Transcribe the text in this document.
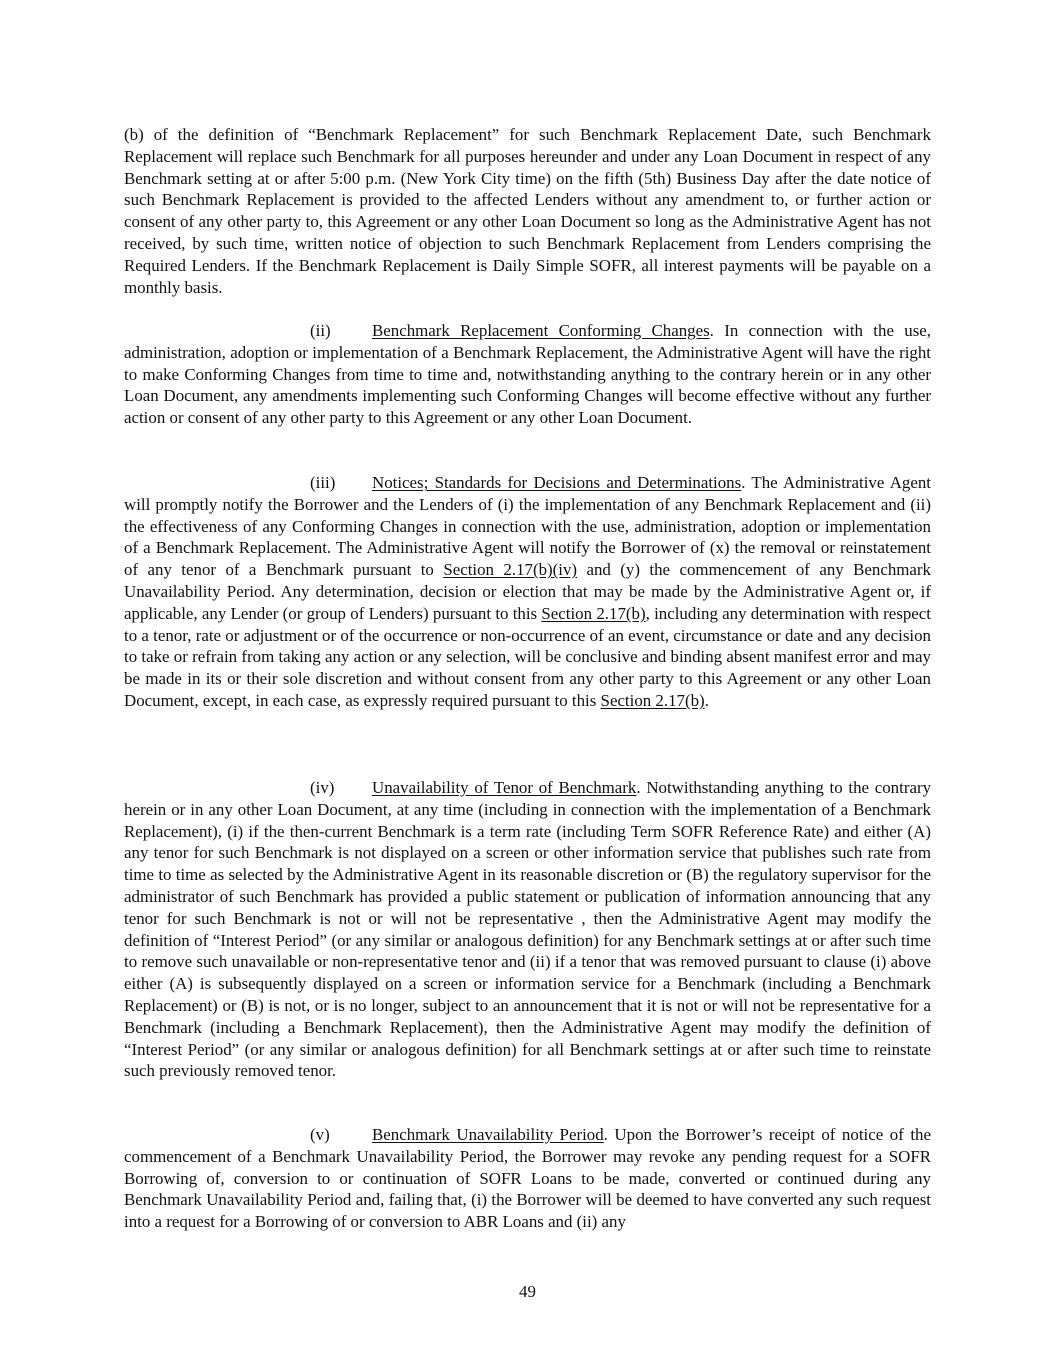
(b) of the definition of “Benchmark Replacement” for such Benchmark Replacement Date, such Benchmark Replacement will replace such Benchmark for all purposes hereunder and under any Loan Document in respect of any Benchmark setting at or after 5:00 p.m. (New York City time) on the fifth (5th) Business Day after the date notice of such Benchmark Replacement is provided to the affected Lenders without any amendment to, or further action or consent of any other party to, this Agreement or any other Loan Document so long as the Administrative Agent has not received, by such time, written notice of objection to such Benchmark Replacement from Lenders comprising the Required Lenders. If the Benchmark Replacement is Daily Simple SOFR, all interest payments will be payable on a monthly basis.

(ii) Benchmark Replacement Conforming Changes. In connection with the use, administration, adoption or implementation of a Benchmark Replacement, the Administrative Agent will have the right to make Conforming Changes from time to time and, notwithstanding anything to the contrary herein or in any other Loan Document, any amendments implementing such Conforming Changes will become effective without any further action or consent of any other party to this Agreement or any other Loan Document.

(iii) Notices; Standards for Decisions and Determinations. The Administrative Agent will promptly notify the Borrower and the Lenders of (i) the implementation of any Benchmark Replacement and (ii) the effectiveness of any Conforming Changes in connection with the use, administration, adoption or implementation of a Benchmark Replacement. The Administrative Agent will notify the Borrower of (x) the removal or reinstatement of any tenor of a Benchmark pursuant to Section 2.17(b)(iv) and (y) the commencement of any Benchmark Unavailability Period. Any determination, decision or election that may be made by the Administrative Agent or, if applicable, any Lender (or group of Lenders) pursuant to this Section 2.17(b), including any determination with respect to a tenor, rate or adjustment or of the occurrence or non-occurrence of an event, circumstance or date and any decision to take or refrain from taking any action or any selection, will be conclusive and binding absent manifest error and may be made in its or their sole discretion and without consent from any other party to this Agreement or any other Loan Document, except, in each case, as expressly required pursuant to this Section 2.17(b).

(iv) Unavailability of Tenor of Benchmark. Notwithstanding anything to the contrary herein or in any other Loan Document, at any time (including in connection with the implementation of a Benchmark Replacement), (i) if the then-current Benchmark is a term rate (including Term SOFR Reference Rate) and either (A) any tenor for such Benchmark is not displayed on a screen or other information service that publishes such rate from time to time as selected by the Administrative Agent in its reasonable discretion or (B) the regulatory supervisor for the administrator of such Benchmark has provided a public statement or publication of information announcing that any tenor for such Benchmark is not or will not be representative , then the Administrative Agent may modify the definition of “Interest Period” (or any similar or analogous definition) for any Benchmark settings at or after such time to remove such unavailable or non-representative tenor and (ii) if a tenor that was removed pursuant to clause (i) above either (A) is subsequently displayed on a screen or information service for a Benchmark (including a Benchmark Replacement) or (B) is not, or is no longer, subject to an announcement that it is not or will not be representative for a Benchmark (including a Benchmark Replacement), then the Administrative Agent may modify the definition of “Interest Period” (or any similar or analogous definition) for all Benchmark settings at or after such time to reinstate such previously removed tenor.

(v)	Benchmark Unavailability Period. Upon the Borrower’s receipt of notice of the commencement of a Benchmark Unavailability Period, the Borrower may revoke any pending request for a SOFR Borrowing of, conversion to or continuation of SOFR Loans to be made, converted or continued during any Benchmark Unavailability Period and, failing that, (i) the Borrower will be deemed to have converted any such request into a request for a Borrowing of or conversion to ABR Loans and (ii) any

49
